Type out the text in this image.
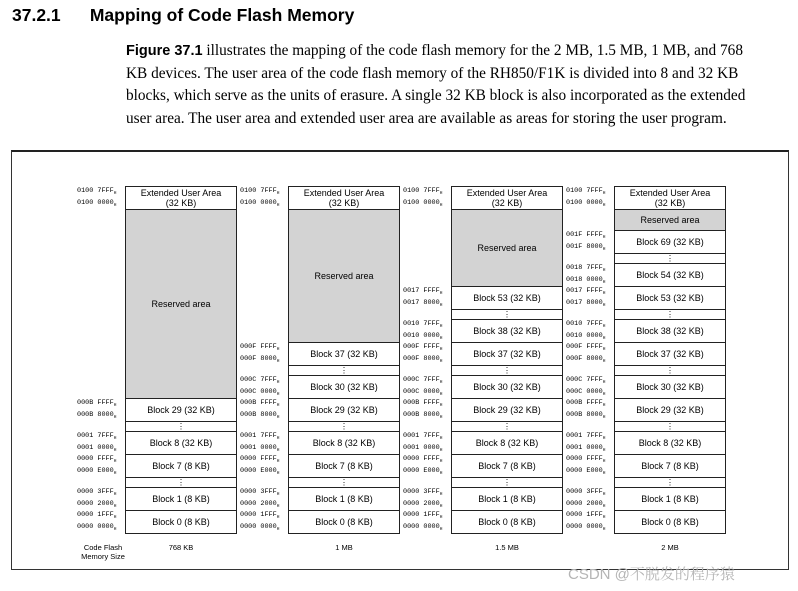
37.2.1 Mapping of Code Flash Memory
Figure 37.1 illustrates the mapping of the code flash memory for the 2 MB, 1.5 MB, 1 MB, and 768
KB devices. The user area of the code flash memory of the RH850/F1K is divided into 8 and 32 KB
blocks, which serve as the units of erasure. A single 32 KB block is also incorporated as the extended
user area. The user area and extended user area are available as areas for storing the user program.
Extended User Area
(32 KB)
0100 $7FFF_H$
0100 $0000_H$
Reserved area
Block 29 (32 KB)
000B $FFFF_H$
000B $8000_H$
⋮
Block 8 (32 KB)
0001 $7FFF_H$
0001 $0000_H$
Block 7 (8 KB)
0000 $FFFF_H$
0000 $E000_H$
⋮
Block 1 (8 KB)
0000 $3FFF_H$
0000 $2000_H$
Block 0 (8 KB)
0000 $1FFF_H$
0000 $0000_H$
768 KB
Extended User Area
(32 KB)
0100 $7FFF_H$
0100 $0000_H$
Reserved area
Block 37 (32 KB)
000F $FFFF_H$
000F $8000_H$
⋮
Block 30 (32 KB)
000C $7FFF_H$
000C $0000_H$
Block 29 (32 KB)
000B $FFFF_H$
000B $8000_H$
⋮
Block 8 (32 KB)
0001 $7FFF_H$
0001 $0000_H$
Block 7 (8 KB)
0000 $FFFF_H$
0000 $E000_H$
⋮
Block 1 (8 KB)
0000 $3FFF_H$
0000 $2000_H$
Block 0 (8 KB)
0000 $1FFF_H$
0000 $0000_H$
1 MB
Extended User Area
(32 KB)
0100 $7FFF_H$
0100 $0000_H$
Reserved area
Block 53 (32 KB)
0017 $FFFF_H$
0017 $8000_H$
⋮
Block 38 (32 KB)
0010 $7FFF_H$
0010 $0000_H$
Block 37 (32 KB)
000F $FFFF_H$
000F $8000_H$
⋮
Block 30 (32 KB)
000C $7FFF_H$
000C $0000_H$
Block 29 (32 KB)
000B $FFFF_H$
000B $8000_H$
⋮
Block 8 (32 KB)
0001 $7FFF_H$
0001 $0000_H$
Block 7 (8 KB)
0000 $FFFF_H$
0000 $E000_H$
⋮
Block 1 (8 KB)
0000 $3FFF_H$
0000 $2000_H$
Block 0 (8 KB)
0000 $1FFF_H$
0000 $0000_H$
1.5 MB
Extended User Area
(32 KB)
0100 $7FFF_H$
0100 $0000_H$
Reserved area
Block 69 (32 KB)
001F $FFFF_H$
001F $8000_H$
⋮
Block 54 (32 KB)
0018 $7FFF_H$
0018 $0000_H$
Block 53 (32 KB)
0017 $FFFF_H$
0017 $8000_H$
⋮
Block 38 (32 KB)
0010 $7FFF_H$
0010 $0000_H$
Block 37 (32 KB)
000F $FFFF_H$
000F $8000_H$
⋮
Block 30 (32 KB)
000C $7FFF_H$
000C $0000_H$
Block 29 (32 KB)
000B $FFFF_H$
000B $8000_H$
⋮
Block 8 (32 KB)
0001 $7FFF_H$
0001 $0000_H$
Block 7 (8 KB)
0000 $FFFF_H$
0000 $E000_H$
⋮
Block 1 (8 KB)
0000 $3FFF_H$
0000 $2000_H$
Block 0 (8 KB)
0000 $1FFF_H$
0000 $0000_H$
2 MB
Code Flash
Memory Size
CSDN @不脱发的程序猿
